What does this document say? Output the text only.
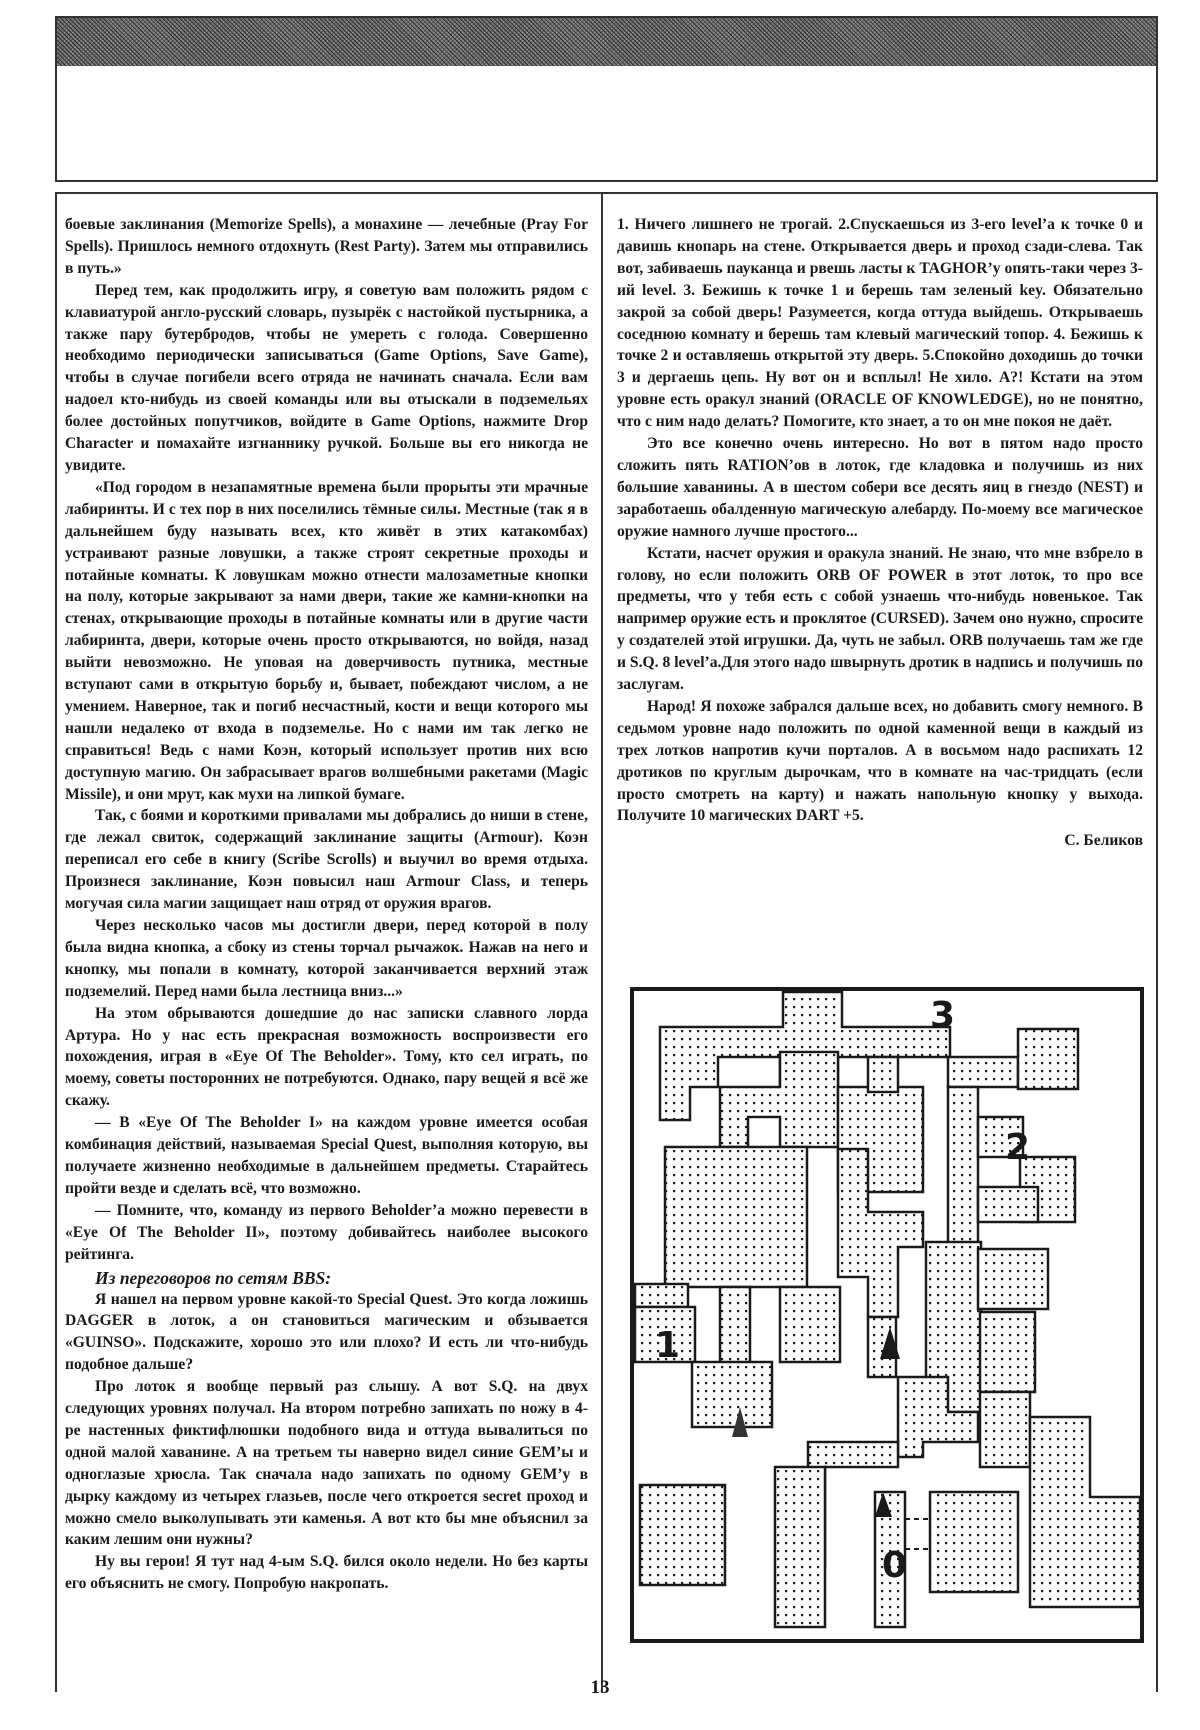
боевые заклинания (Memorize Spells), а монахине — лечебные (Pray For Spells). Пришлось немного отдохнуть (Rest Party). Затем мы отправились в путь.»

Перед тем, как продолжить игру, я советую вам положить рядом с клавиатурой англо-русский словарь, пузырёк с настойкой пустырника, а также пару бутербродов, чтобы не умереть с голода. Совершенно необходимо периодически записываться (Game Options, Save Game), чтобы в случае погибели всего отряда не начинать сначала. Если вам надоел кто-нибудь из своей команды или вы отыскали в подземельях более достойных попутчиков, войдите в Game Options, нажмите Drop Character и помахайте изгнаннику ручкой. Больше вы его никогда не увидите.

«Под городом в незапамятные времена были прорыты эти мрачные лабиринты. И с тех пор в них поселились тёмные силы. Местные (так я в дальнейшем буду называть всех, кто живёт в этих катакомбах) устраивают разные ловушки, а также строят секретные проходы и потайные комнаты. К ловушкам можно отнести малозаметные кнопки на полу, которые закрывают за нами двери, такие же камни-кнопки на стенах, открывающие проходы в потайные комнаты или в другие части лабиринта, двери, которые очень просто открываются, но войдя, назад выйти невозможно. Не уповая на доверчивость путника, местные вступают сами в открытую борьбу и, бывает, побеждают числом, а не умением. Наверное, так и погиб несчастный, кости и вещи которого мы нашли недалеко от входа в подземелье. Но с нами им так легко не справиться! Ведь с нами Коэн, который использует против них всю доступную магию. Он забрасывает врагов волшебными ракетами (Magic Missile), и они мрут, как мухи на липкой бумаге.

Так, с боями и короткими привалами мы добрались до ниши в стене, где лежал свиток, содержащий заклинание защиты (Armour). Коэн переписал его себе в книгу (Scribe Scrolls) и выучил во время отдыха. Произнеся заклинание, Коэн повысил наш Armour Class, и теперь могучая сила магии защищает наш отряд от оружия врагов.

Через несколько часов мы достигли двери, перед которой в полу была видна кнопка, а сбоку из стены торчал рычажок. Нажав на него и кнопку, мы попали в комнату, которой заканчивается верхний этаж подземелий. Перед нами была лестница вниз...»

На этом обрываются дошедшие до нас записки славного лорда Артура. Но у нас есть прекрасная возможность воспроизвести его похождения, играя в «Eye Of The Beholder». Тому, кто сел играть, по моему, советы посторонних не потребуются. Однако, пару вещей я всё же скажу.

— В «Eye Of The Beholder I» на каждом уровне имеется особая комбинация действий, называемая Special Quest, выполняя которую, вы получаете жизненно необходимые в дальнейшем предметы. Старайтесь пройти везде и сделать всё, что возможно.

— Помните, что, команду из первого Beholder’а можно перевести в «Eye Of The Beholder II», поэтому добивайтесь наиболее высокого рейтинга.

Из переговоров по сетям BBS:

Я нашел на первом уровне какой-то Special Quest. Это когда ложишь DAGGER в лоток, а он становиться магическим и обзывается «GUINSO». Подскажите, хорошо это или плохо? И есть ли что-нибудь подобное дальше?

Про лоток я вообще первый раз слышу. А вот S.Q. на двух следующих уровнях получал. На втором потребно запихать по ножу в 4-ре настенных фиктифлюшки подобного вида и оттуда вывалиться по одной малой хаванине. А на третьем ты наверно видел синие GEM’ы и одноглазые хрюсла. Так сначала надо запихать по одному GEM’у в дырку каждому из четырех глазьев, после чего откроется secret проход и можно смело выколупывать эти каменья. А вот кто бы мне объяснил за каким лешим они нужны?

Ну вы герои! Я тут над 4-ым S.Q. бился около недели. Но без карты его объяснить не смогу. Попробую накропать.

1. Ничего лишнего не трогай. 2.Спускаешься из 3-его level’а к точке 0 и давишь кнопарь на стене. Открывается дверь и проход сзади-слева. Так вот, забиваешь пауканца и рвешь ласты к TAGHOR’у опять-таки через 3-ий level. 3. Бежишь к точке 1 и берешь там зеленый key. Обязательно закрой за собой дверь! Разумеется, когда оттуда выйдешь. Открываешь соседнюю комнату и берешь там клевый магический топор. 4. Бежишь к точке 2 и оставляешь открытой эту дверь. 5.Спокойно доходишь до точки 3 и дергаешь цепь. Ну вот он и всплыл! Не хило. А?! Кстати на этом уровне есть оракул знаний (ORACLE OF KNOWLEDGE), но не понятно, что с ним надо делать? Помогите, кто знает, а то он мне покоя не даёт.

Это все конечно очень интересно. Но вот в пятом надо просто сложить пять RATION’ов в лоток, где кладовка и получишь из них большие хаванины. А в шестом собери все десять яиц в гнездо (NEST) и заработаешь обалденную магическую алебарду. По-моему все магическое оружие намного лучше простого...

Кстати, насчет оружия и оракула знаний. Не знаю, что мне взбрело в голову, но если положить ORB OF POWER в этот лоток, то про все предметы, что у тебя есть с собой узнаешь что-нибудь новенькое. Так например оружие есть и проклятое (CURSED). Зачем оно нужно, спросите у создателей этой игрушки. Да, чуть не забыл. ORB получаешь там же где и S.Q. 8 level’а.Для этого надо швырнуть дротик в надпись и получишь по заслугам.

Народ! Я похоже забрался дальше всех, но добавить смогу немного. В седьмом уровне надо положить по одной каменной вещи в каждый из трех лотков напротив кучи порталов. А в восьмом надо распихать 12 дротиков по круглым дырочкам, что в комнате на час-тридцать (если просто смотреть на карту) и нажать напольную кнопку у выхода. Получите 10 магических DART +5.

С. Беликов

3
2
1
0
13
